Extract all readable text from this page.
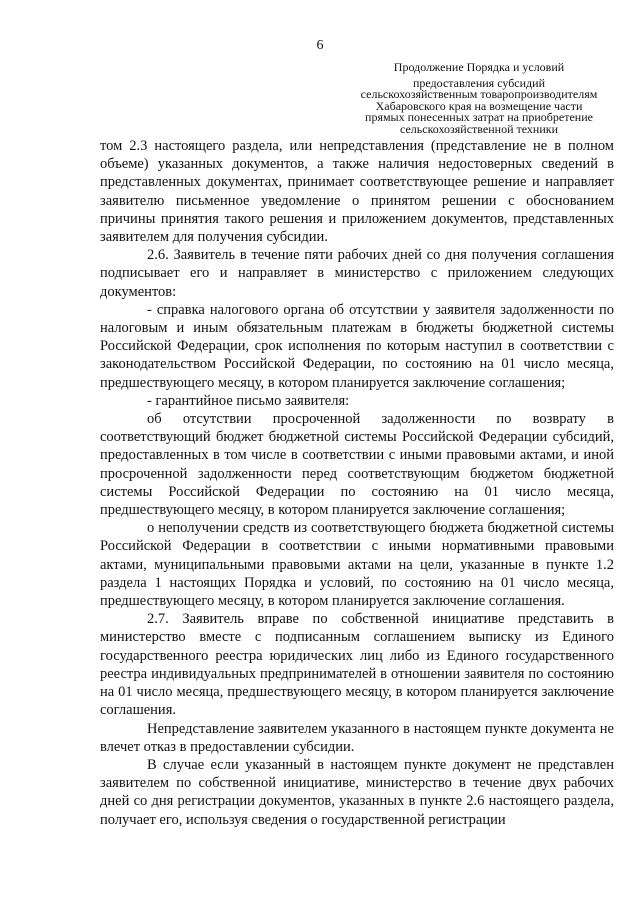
6
Продолжение Порядка и условий
предоставления субсидий
сельскохозяйственным товаропроизводителям
Хабаровского края на возмещение части
прямых понесенных затрат на приобретение
сельскохозяйственной техники

том 2.3 настоящего раздела, или непредставления (представление не в полном объеме) указанных документов, а также наличия недостоверных сведений в представленных документах, принимает соответствующее решение и направляет заявителю письменное уведомление о принятом решении с обоснованием причины принятия такого решения и приложением документов, представленных заявителем для получения субсидии.

2.6. Заявитель в течение пяти рабочих дней со дня получения соглашения подписывает его и направляет в министерство с приложением следующих документов:

- справка налогового органа об отсутствии у заявителя задолженности по налоговым и иным обязательным платежам в бюджеты бюджетной системы Российской Федерации, срок исполнения по которым наступил в соответствии с законодательством Российской Федерации, по состоянию на 01 число месяца, предшествующего месяцу, в котором планируется заключение соглашения;

- гарантийное письмо заявителя:

об отсутствии просроченной задолженности по возврату в соответствующий бюджет бюджетной системы Российской Федерации субсидий, предоставленных в том числе в соответствии с иными правовыми актами, и иной просроченной задолженности перед соответствующим бюджетом бюджетной системы Российской Федерации по состоянию на 01 число месяца, предшествующего месяцу, в котором планируется заключение соглашения;

о неполучении средств из соответствующего бюджета бюджетной системы Российской Федерации в соответствии с иными нормативными правовыми актами, муниципальными правовыми актами на цели, указанные в пункте 1.2 раздела 1 настоящих Порядка и условий, по состоянию на 01 число месяца, предшествующего месяцу, в котором планируется заключение соглашения.

2.7. Заявитель вправе по собственной инициативе представить в министерство вместе с подписанным соглашением выписку из Единого государственного реестра юридических лиц либо из Единого государственного реестра индивидуальных предпринимателей в отношении заявителя по состоянию на 01 число месяца, предшествующего месяцу, в котором планируется заключение соглашения.

Непредставление заявителем указанного в настоящем пункте документа не влечет отказ в предоставлении субсидии.

В случае если указанный в настоящем пункте документ не представлен заявителем по собственной инициативе, министерство в течение двух рабочих дней со дня регистрации документов, указанных в пункте 2.6 настоящего раздела, получает его, используя сведения о государственной регистрации
